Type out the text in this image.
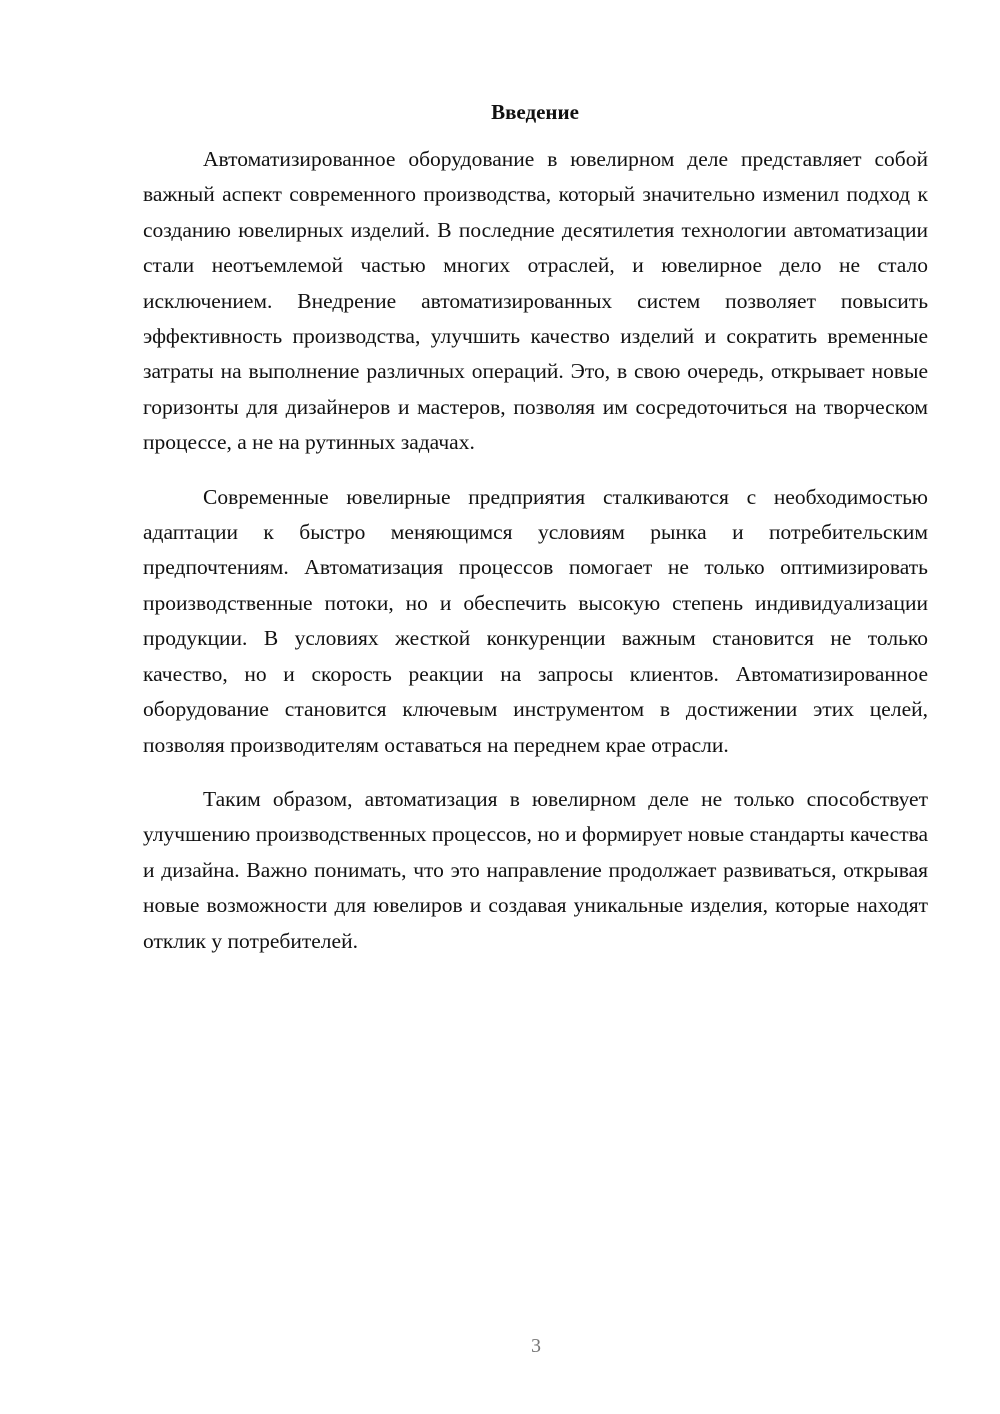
Введение

Автоматизированное оборудование в ювелирном деле представляет собой важный аспект современного производства, который значительно изменил подход к созданию ювелирных изделий. В последние десятилетия технологии автоматизации стали неотъемлемой частью многих отраслей, и ювелирное дело не стало исключением. Внедрение автоматизированных систем позволяет повысить эффективность производства, улучшить качество изделий и сократить временные затраты на выполнение различных операций. Это, в свою очередь, открывает новые горизонты для дизайнеров и мастеров, позволяя им сосредоточиться на творческом процессе, а не на рутинных задачах.

Современные ювелирные предприятия сталкиваются с необходимостью адаптации к быстро меняющимся условиям рынка и потребительским предпочтениям. Автоматизация процессов помогает не только оптимизировать производственные потоки, но и обеспечить высокую степень индивидуализации продукции. В условиях жесткой конкуренции важным становится не только качество, но и скорость реакции на запросы клиентов. Автоматизированное оборудование становится ключевым инструментом в достижении этих целей, позволяя производителям оставаться на переднем крае отрасли.

Таким образом, автоматизация в ювелирном деле не только способствует улучшению производственных процессов, но и формирует новые стандарты качества и дизайна. Важно понимать, что это направление продолжает развиваться, открывая новые возможности для ювелиров и создавая уникальные изделия, которые находят отклик у потребителей.

3
